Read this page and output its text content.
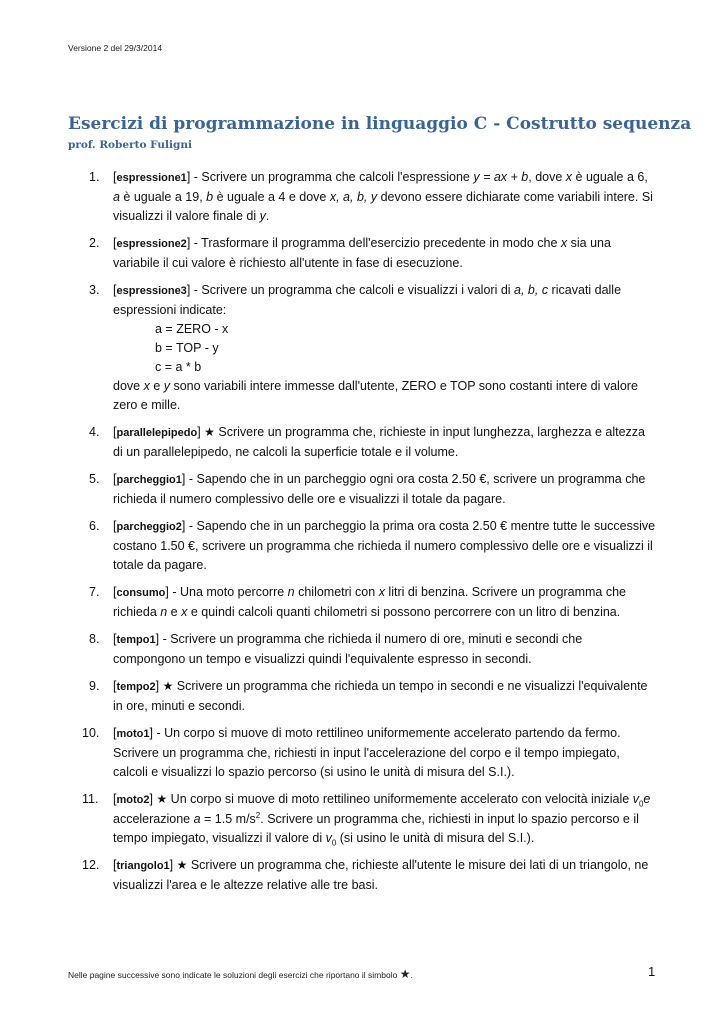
Versione 2 del 29/3/2014
Esercizi di programmazione in linguaggio C - Costrutto sequenza
prof. Roberto Fuligni
1. [espressione1] - Scrivere un programma che calcoli l'espressione y = ax + b, dove x è uguale a 6, a è uguale a 19, b è uguale a 4 e dove x, a, b, y devono essere dichiarate come variabili intere. Si visualizzi il valore finale di y.
2. [espressione2] - Trasformare il programma dell'esercizio precedente in modo che x sia una variabile il cui valore è richiesto all'utente in fase di esecuzione.
3. [espressione3] - Scrivere un programma che calcoli e visualizzi i valori di a, b, c ricavati dalle espressioni indicate:
a = ZERO - x
b = TOP - y
c = a * b
dove x e y sono variabili intere immesse dall'utente, ZERO e TOP sono costanti intere di valore zero e mille.
4. [parallelepipedo] ★ Scrivere un programma che, richieste in input lunghezza, larghezza e altezza di un parallelepipedo, ne calcoli la superficie totale e il volume.
5. [parcheggio1] - Sapendo che in un parcheggio ogni ora costa 2.50 €, scrivere un programma che richieda il numero complessivo delle ore e visualizzi il totale da pagare.
6. [parcheggio2] - Sapendo che in un parcheggio la prima ora costa 2.50 € mentre tutte le successive costano 1.50 €, scrivere un programma che richieda il numero complessivo delle ore e visualizzi il totale da pagare.
7. [consumo] - Una moto percorre n chilometri con x litri di benzina. Scrivere un programma che richieda n e x e quindi calcoli quanti chilometri si possono percorrere con un litro di benzina.
8. [tempo1] - Scrivere un programma che richieda il numero di ore, minuti e secondi che compongono un tempo e visualizzi quindi l'equivalente espresso in secondi.
9. [tempo2] ★ Scrivere un programma che richieda un tempo in secondi e ne visualizzi l'equivalente in ore, minuti e secondi.
10. [moto1] - Un corpo si muove di moto rettilineo uniformemente accelerato partendo da fermo. Scrivere un programma che, richiesti in input l'accelerazione del corpo e il tempo impiegato, calcoli e visualizzi lo spazio percorso (si usino le unità di misura del S.I.).
11. [moto2] ★ Un corpo si muove di moto rettilineo uniformemente accelerato con velocità iniziale $v_0e$ accelerazione a = 1.5 $m/s^2$. Scrivere un programma che, richiesti in input lo spazio percorso e il tempo impiegato, visualizzi il valore di $v_0$ (si usino le unità di misura del S.I.).
12. [triangolo1] ★ Scrivere un programma che, richieste all'utente le misure dei lati di un triangolo, ne visualizzi l'area e le altezze relative alle tre basi.
Nelle pagine successive sono indicate le soluzioni degli esercizi che riportano il simbolo ★.	1
